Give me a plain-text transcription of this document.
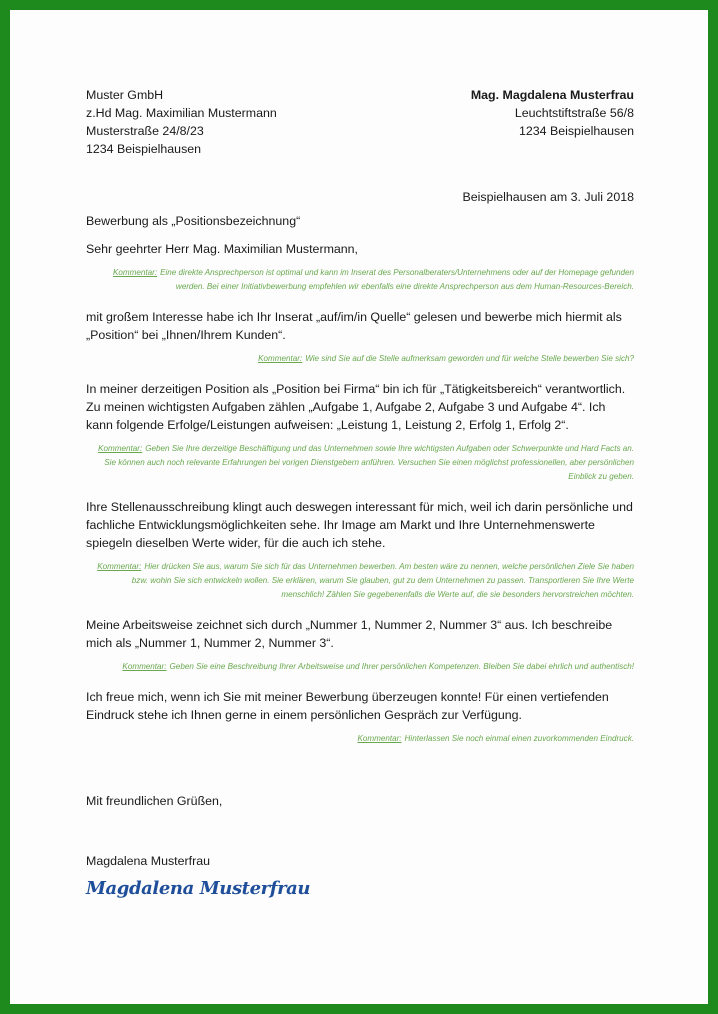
Muster GmbH
z.Hd Mag. Maximilian Mustermann
Musterstraße 24/8/23
1234 Beispielhausen
Mag. Magdalena Musterfrau
Leuchtstiftstraße 56/8
1234 Beispielhausen
Beispielhausen am 3. Juli 2018
Bewerbung als „Positionsbezeichnung“
Sehr geehrter Herr Mag. Maximilian Mustermann,
Kommentar: Eine direkte Ansprechperson ist optimal und kann im Inserat des Personalberaters/Unternehmens oder auf der Homepage gefunden werden. Bei einer Initiativbewerbung empfehlen wir ebenfalls eine direkte Ansprechperson aus dem Human-Resources-Bereich.

mit großem Interesse habe ich Ihr Inserat „auf/im/in Quelle“ gelesen und bewerbe mich hiermit als „Position“ bei „Ihnen/Ihrem Kunden“.

Kommentar: Wie sind Sie auf die Stelle aufmerksam geworden und für welche Stelle bewerben Sie sich?

In meiner derzeitigen Position als „Position bei Firma“ bin ich für „Tätigkeitsbereich“ verantwortlich. Zu meinen wichtigsten Aufgaben zählen „Aufgabe 1, Aufgabe 2, Aufgabe 3 und Aufgabe 4“. Ich kann folgende Erfolge/Leistungen aufweisen: „Leistung 1, Leistung 2, Erfolg 1, Erfolg 2“.

Kommentar: Geben Sie Ihre derzeitige Beschäftigung und das Unternehmen sowie Ihre wichtigsten Aufgaben oder Schwerpunkte und Hard Facts an. Sie können auch noch relevante Erfahrungen bei vorigen Dienstgebern anführen. Versuchen Sie einen möglichst professionellen, aber persönlichen Einblick zu geben.

Ihre Stellenausschreibung klingt auch deswegen interessant für mich, weil ich darin persönliche und fachliche Entwicklungsmöglichkeiten sehe. Ihr Image am Markt und Ihre Unternehmenswerte spiegeln dieselben Werte wider, für die auch ich stehe.

Kommentar: Hier drücken Sie aus, warum Sie sich für das Unternehmen bewerben. Am besten wäre zu nennen, welche persönlichen Ziele Sie haben bzw. wohin Sie sich entwickeln wollen. Sie erklären, warum Sie glauben, gut zu dem Unternehmen zu passen. Transportieren Sie Ihre Werte menschlich! Zählen Sie gegebenenfalls die Werte auf, die sie besonders hervorstreichen möchten.

Meine Arbeitsweise zeichnet sich durch „Nummer 1, Nummer 2, Nummer 3“ aus. Ich beschreibe mich als „Nummer 1, Nummer 2, Nummer 3“.

Kommentar: Geben Sie eine Beschreibung Ihrer Arbeitsweise und Ihrer persönlichen Kompetenzen. Bleiben Sie dabei ehrlich und authentisch!

Ich freue mich, wenn ich Sie mit meiner Bewerbung überzeugen konnte! Für einen vertiefenden Eindruck stehe ich Ihnen gerne in einem persönlichen Gespräch zur Verfügung.

Kommentar: Hinterlassen Sie noch einmal einen zuvorkommenden Eindruck.
Mit freundlichen Grüßen,
Magdalena Musterfrau
Magdalena Musterfrau
